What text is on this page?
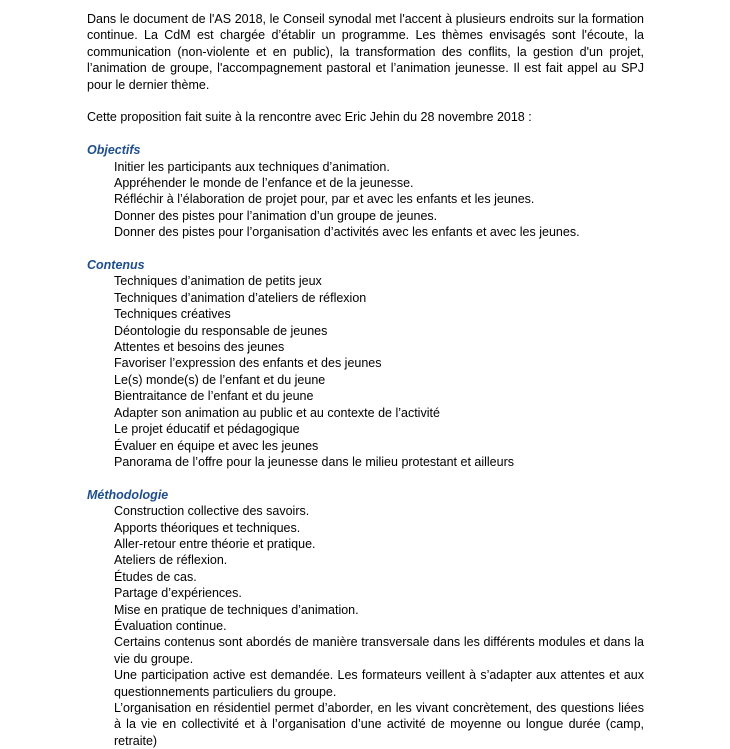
Dans le document de l'AS 2018, le Conseil synodal met l'accent à plusieurs endroits sur la formation continue. La CdM est chargée d’établir un programme. Les thèmes envisagés sont l'écoute, la communication (non-violente et en public), la transformation des conflits, la gestion d'un projet, l’animation de groupe, l'accompagnement pastoral et l’animation jeunesse. Il est fait appel au SPJ pour le dernier thème.

Cette proposition fait suite à la rencontre avec Eric Jehin du 28 novembre 2018 :

Objectifs

Initier les participants aux techniques d’animation.
Appréhender le monde de l’enfance et de la jeunesse.
Réfléchir à l’élaboration de projet pour, par et avec les enfants et les jeunes.
Donner des pistes pour l’animation d’un groupe de jeunes.
Donner des pistes pour l’organisation d’activités avec les enfants et avec les jeunes.

Contenus

Techniques d’animation de petits jeux
Techniques d’animation d’ateliers de réflexion
Techniques créatives
Déontologie du responsable de jeunes
Attentes et besoins des jeunes
Favoriser l’expression des enfants et des jeunes
Le(s) monde(s) de l’enfant et du jeune
Bientraitance de l’enfant et du jeune
Adapter son animation au public et au contexte de l’activité
Le projet éducatif et pédagogique
Évaluer en équipe et avec les jeunes
Panorama de l’offre pour la jeunesse dans le milieu protestant et ailleurs

Méthodologie

Construction collective des savoirs.
Apports théoriques et techniques.
Aller-retour entre théorie et pratique.
Ateliers de réflexion.
Études de cas.
Partage d’expériences.
Mise en pratique de techniques d’animation.
Évaluation continue.

Certains contenus sont abordés de manière transversale dans les différents modules et dans la vie du groupe.

Une participation active est demandée. Les formateurs veillent à s’adapter aux attentes et aux questionnements particuliers du groupe.

L’organisation en résidentiel permet d’aborder, en les vivant concrètement, des questions liées à la vie en collectivité et à l’organisation d’une activité de moyenne ou longue durée (camp, retraite)
